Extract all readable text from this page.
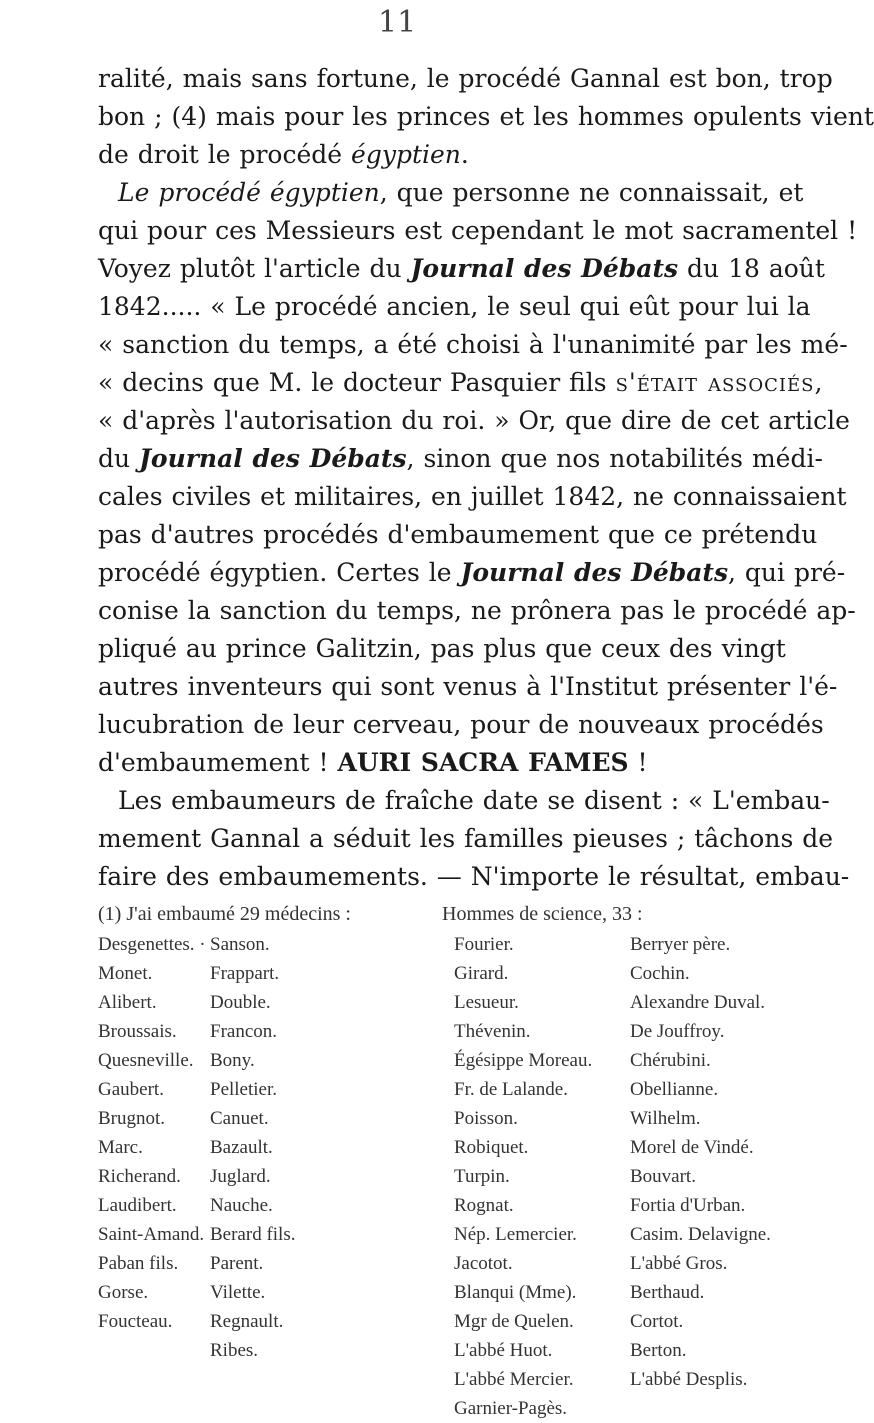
11
ralité, mais sans fortune, le procédé Gannal est bon, trop
bon ; (4) mais pour les princes et les hommes opulents vient
de droit le procédé égyptien.
Le procédé égyptien, que personne ne connaissait, et
qui pour ces Messieurs est cependant le mot sacramentel !
Voyez plutôt l'article du Journal des Débats du 18 août
1842..... « Le procédé ancien, le seul qui eût pour lui la
« sanction du temps, a été choisi à l'unanimité par les mé-
« decins que M. le docteur Pasquier fils s'était associés,
« d'après l'autorisation du roi. » Or, que dire de cet article
du Journal des Débats, sinon que nos notabilités médi-
cales civiles et militaires, en juillet 1842, ne connaissaient
pas d'autres procédés d'embaumement que ce prétendu
procédé égyptien. Certes le Journal des Débats, qui pré-
conise la sanction du temps, ne prônera pas le procédé ap-
pliqué au prince Galitzin, pas plus que ceux des vingt
autres inventeurs qui sont venus à l'Institut présenter l'é-
lucubration de leur cerveau, pour de nouveaux procédés
d'embaumement ! AURI SACRA FAMES !
Les embaumeurs de fraîche date se disent : « L'embau-
mement Gannal a séduit les familles pieuses ; tâchons de
faire des embaumements. — N'importe le résultat, embau-
(1) J'ai embaumé 29 médecins :	Hommes de science, 33 :
Desgenettes. ·
Monet.
Alibert.
Broussais.
Quesneville.
Gaubert.
Brugnot.
Marc.
Richerand.
Laudibert.
Saint-Amand.
Paban fils.
Gorse.
Foucteau.
Sanson.
Frappart.
Double.
Francon.
Bony.
Pelletier.
Canuet.
Bazault.
Juglard.
Nauche.
Berard fils.
Parent.
Vilette.
Regnault.
Ribes.
Fourier.
Girard.
Lesueur.
Thévenin.
Égésippe Moreau.
Fr. de Lalande.
Poisson.
Robiquet.
Turpin.
Rognat.
Nép. Lemercier.
Jacotot.
Blanqui (Mme).
Mgr de Quelen.
L'abbé Huot.
L'abbé Mercier.
Garnier-Pagès.
Berryer père.
Cochin.
Alexandre Duval.
De Jouffroy.
Chérubini.
Obellianne.
Wilhelm.
Morel de Vindé.
Bouvart.
Fortia d'Urban.
Casim. Delavigne.
L'abbé Gros.
Berthaud.
Cortot.
Berton.
L'abbé Desplis.
